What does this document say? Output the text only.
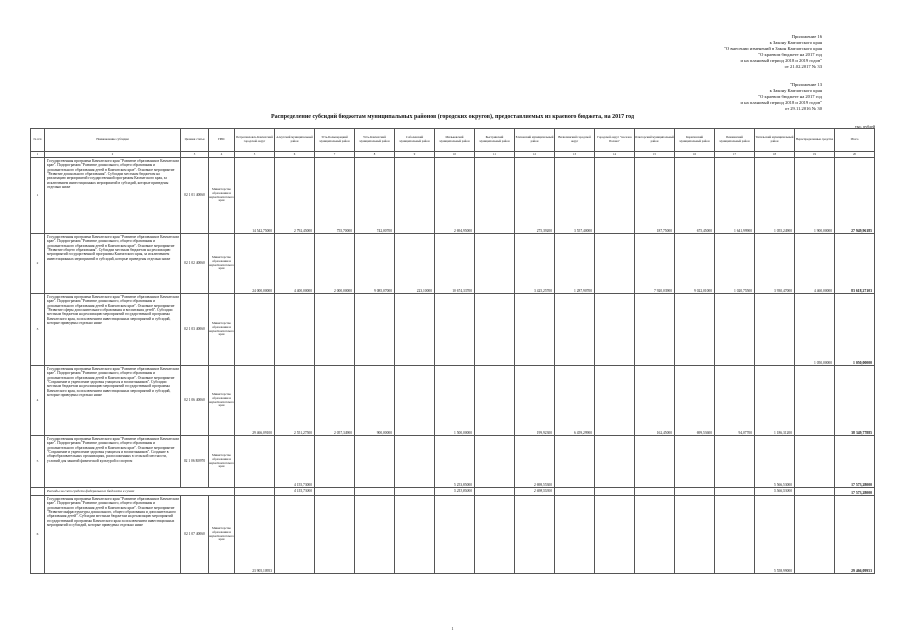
Приложение 16
к Закону Камчатского края
"О внесении изменений в Закон Камчатского края
"О краевом бюджете на 2017 год
и на плановый период 2018 и 2019 годов"
от 21.02.2017 № 33
"Приложение 13
к Закону Камчатского края
"О краевом бюджете на 2017 год
и на плановый период 2018 и 2019 годов"
от 29.11.2016 № 30
Распределение субсидий бюджетам муниципальных районов (городских округов), предоставляемых из краевого бюджета, на 2017 год
тыс. рублей
№ п/п	Наименование субсидии	Целевая статья	ГРБС	Петропавловск-Камчатский городской округ	Алеутский муниципальный район	Усть-Большерецкий муниципальный район	Усть-Камчатский муниципальный район	Соболевский муниципальный район	Мильковский муниципальный район	Быстринский муниципальный район	Елизовский муниципальный район	Вилючинский городской округ	Городской округ "поселок Палана"	Олюторский муниципальный район	Карагинский муниципальный район	Пенжинский муниципальный район	Тигильский муниципальный район	Нераспределенные средства	Итого
1	2	3	4	5	6	7	8	9	10	11	12	13	14	15	16	17	18	19	20
1	Государственная программа Камчатского края "Развитие образования в Камчатском крае". Подпрограмма "Развитие дошкольного, общего образования и дополнительного образования детей в Камчатском крае". Основное мероприятие "Развитие дошкольного образования". Субсидии местным бюджетам на реализацию мероприятий государственной программы Камчатского края, за исключением инвестиционных мероприятий в субсидий, которые приведены отдельно ниже	02 1 01 40060	Министерство образования и науки Камчатского края	14 542,75000	2 792,45000	755,70000	742,00700		2 694,95000		275,39200	3 557,40000		187,75000	675,45000	1 641,99900	1 055,24900	1 900,00000	27 949,96185
2	Государственная программа Камчатского края "Развитие образования в Камчатском крае". Подпрограмма "Развитие дошкольного, общего образования и дополнительного образования детей в Камчатском крае". Основное мероприятие "Развитие общего образования". Субсидии местным бюджетам на реализацию мероприятий государственной программы Камчатского края, за исключением инвестиционных мероприятий в субсидий, которые приведены отдельно ниже	02 1 02 40060	Министерство образования и науки Камчатского края	24 000,00000	4 400,00000	2 000,00000	9 085,07000	223,10000	10 674,33700		3 425,25700	1 287,90700		7 920,03900	9 022,01000	1 020,75500	3 930,47000	4 460,00000	83 618,27103
3	Государственная программа Камчатского края "Развитие образования в Камчатском крае". Подпрограмма "Развитие дошкольного, общего образования и дополнительного образования детей в Камчатском крае". Основное мероприятие "Развитие сферы дополнительного образования и воспитания детей". Субсидии местным бюджетам на реализацию мероприятий государственной программы Камчатского края, за исключением инвестиционных мероприятий и субсидий, которые приведены отдельно ниже	02 1 03 40060	Министерство образования и науки Камчатского края															1 050,00000	1 050,00000
4	Государственная программа Камчатского края "Развитие образования в Камчатском крае". Подпрограмма "Развитие дошкольного, общего образования и дополнительного образования детей в Камчатском крае". Основное мероприятие "Сохранение и укрепление здоровья учащихся и воспитанников". Субсидии местным бюджетам на реализацию мероприятий государственной программы Камчатского края, за исключением инвестиционных мероприятий и субсидий, которые приведены отдельно ниже	02 1 06 40060	Министерство образования и науки Камчатского края	29 466,09100	2 551,27500	2 057,34900	900,00000		1 500,00000		199,92300	6 459,29900		162,45000	699,53600	94,07700	1 186,31200		38 349,77885
5	Государственная программа Камчатского края "Развитие образования в Камчатском крае". Подпрограмма "Развитие дошкольного, общего образования и дополнительного образования детей в Камчатском крае". Основное мероприятие "Сохранение и укрепление здоровья учащихся и воспитанников". Создание в общеобразовательных организациях, расположенных в сельской местности, условий для занятий физической культурой и спортом	02 1 06 R0970	Министерство образования и науки Камчатского края		4 155,73000				5 253,85000		2 698,55300						5 566,53000		17 573,28000
	Расходы за счет средств федерального бюджета в сумме				4 155,73000				5 253,85000		2 698,55300						5 566,53000		17 573,28000
6	Государственная программа Камчатского края "Развитие образования в Камчатском крае". Подпрограмма "Развитие дошкольного, общего образования и дополнительного образования детей в Камчатском крае". Основное мероприятие "Развитие инфраструктуры дошкольного, общего образования и дополнительного образования детей". Субсидии местным бюджетам на реализацию мероприятий государственной программы Камчатского края за исключением инвестиционных мероприятий и субсидий, которые приведены отдельно ниже	02 1 07 40060	Министерство образования и науки Камчатского края	23 905,10953													5 558,99000		29 466,09953
1
